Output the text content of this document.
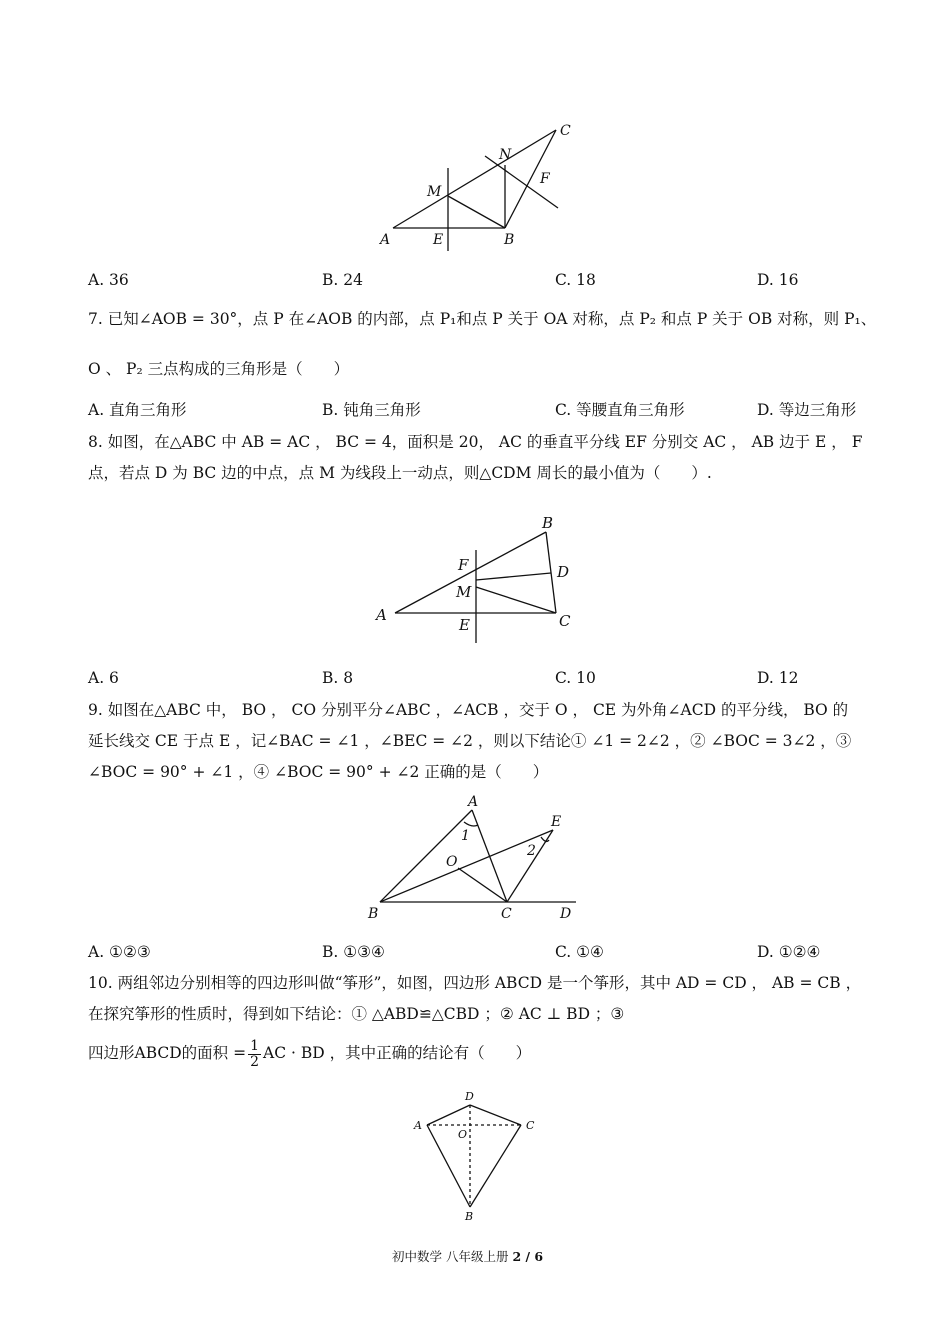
A	E	B
M
N
F
C
A. 36	B. 24	C. 18	D. 16
7. 已知∠AOB = 30°，点 P 在∠AOB 的内部，点 P₁和点 P 关于 OA 对称，点 P₂ 和点 P 关于 OB 对称，则 P₁、
O 、 P₂ 三点构成的三角形是（　　）
A. 直角三角形	B. 钝角三角形	C. 等腰直角三角形	D. 等边三角形
8. 如图，在△ABC 中 AB = AC ， BC = 4，面积是 20， AC 的垂直平分线 EF 分别交 AC ， AB 边于 E ， F
点，若点 D 为 BC 边的中点，点 M 为线段上一动点，则△CDM 周长的最小值为（　　）.
B
F	D
M
A
E	C
A. 6	B. 8	C. 10	D. 12
9. 如图在△ABC 中， BO ， CO 分别平分∠ABC ，∠ACB ，交于 O ， CE 为外角∠ACD 的平分线， BO 的
延长线交 CE 于点 E ，记∠BAC = ∠1 ，∠BEC = ∠2 ，则以下结论① ∠1 = 2∠2 ，② ∠BOC = 3∠2 ，③
∠BOC = 90° + ∠1 ，④ ∠BOC = 90° + ∠2 正确的是（　　）
A
1
E
2
O
B	C	D
A. ①②③	B. ①③④	C. ①④	D. ①②④
10. 两组邻边分别相等的四边形叫做“筝形”，如图，四边形 ABCD 是一个筝形，其中 AD = CD ， AB = CB ，
在探究筝形的性质时，得到如下结论：① △ABD≌△CBD ；② AC ⊥ BD ；③
四边形ABCD的面积 = $\frac{1}{2}$ AC · BD ，其中正确的结论有（　　）
D
A
O
C
B
初中数学 八年级上册 2 / 6
